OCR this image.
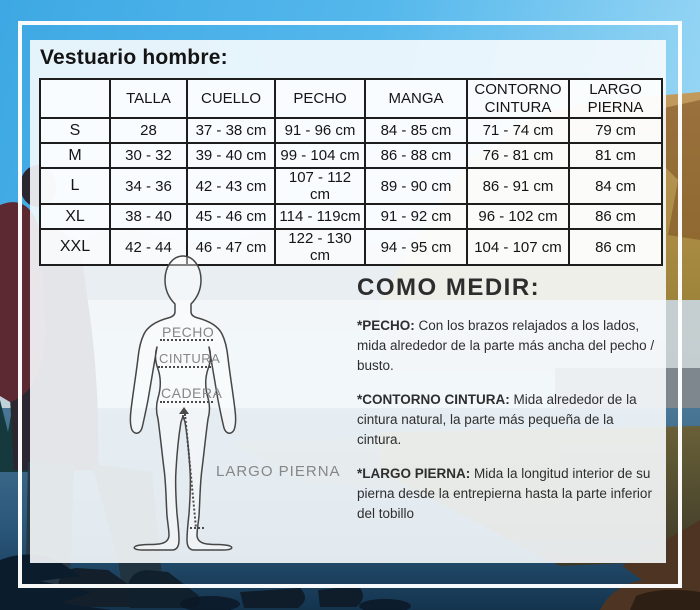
Vestuario hombre:
	TALLA	CUELLO	PECHO	MANGA	CONTORNO CINTURA	LARGO PIERNA
S	28	37 - 38 cm	91 - 96 cm	84 - 85 cm	71 - 74 cm	79 cm
M	30 - 32	39 - 40 cm	99 - 104 cm	86 - 88 cm	76 - 81 cm	81 cm
L	34 - 36	42 - 43 cm	107 - 112 cm	89 - 90 cm	86 - 91 cm	84 cm
XL	38 - 40	45 - 46 cm	114 - 119cm	91 - 92 cm	96 - 102 cm	86 cm
XXL	42 - 44	46 - 47 cm	122 - 130 cm	94 - 95 cm	104 - 107 cm	86 cm
PECHO
CINTURA
CADERA
LARGO PIERNA
COMO MEDIR:

*PECHO: Con los brazos relajados a los lados, mida alrededor de la parte más ancha del pecho / busto.

*CONTORNO CINTURA: Mida alrededor de la cintura natural, la parte más pequeña de la cintura.

*LARGO PIERNA: Mida la longitud interior de su pierna desde la entrepierna hasta la parte inferior del tobillo
